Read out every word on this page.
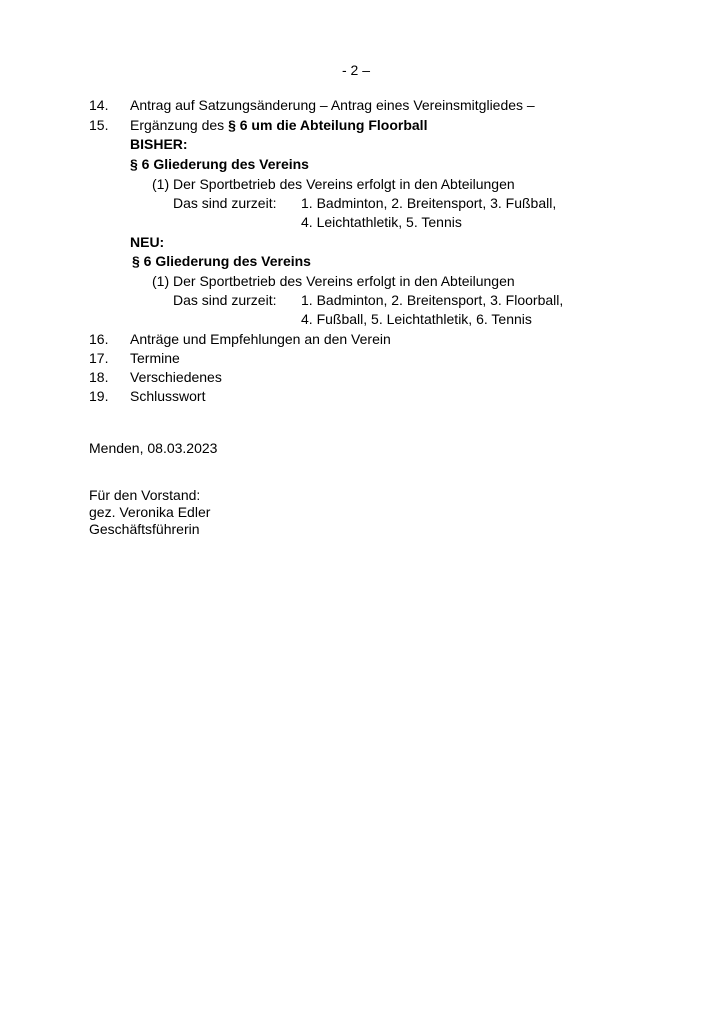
- 2 –
14. Antrag auf Satzungsänderung – Antrag eines Vereinsmitgliedes –
15. Ergänzung des § 6 um die Abteilung Floorball
BISHER:
§ 6 Gliederung des Vereins
(1) Der Sportbetrieb des Vereins erfolgt in den Abteilungen
Das sind zurzeit: 1. Badminton, 2. Breitensport, 3. Fußball,
4. Leichtathletik, 5. Tennis
NEU:
§ 6 Gliederung des Vereins
(1) Der Sportbetrieb des Vereins erfolgt in den Abteilungen
Das sind zurzeit: 1. Badminton, 2. Breitensport, 3. Floorball,
4. Fußball, 5. Leichtathletik, 6. Tennis
16. Anträge und Empfehlungen an den Verein
17. Termine
18. Verschiedenes
19. Schlusswort
Menden, 08.03.2023
Für den Vorstand:
gez. Veronika Edler
Geschäftsführerin
